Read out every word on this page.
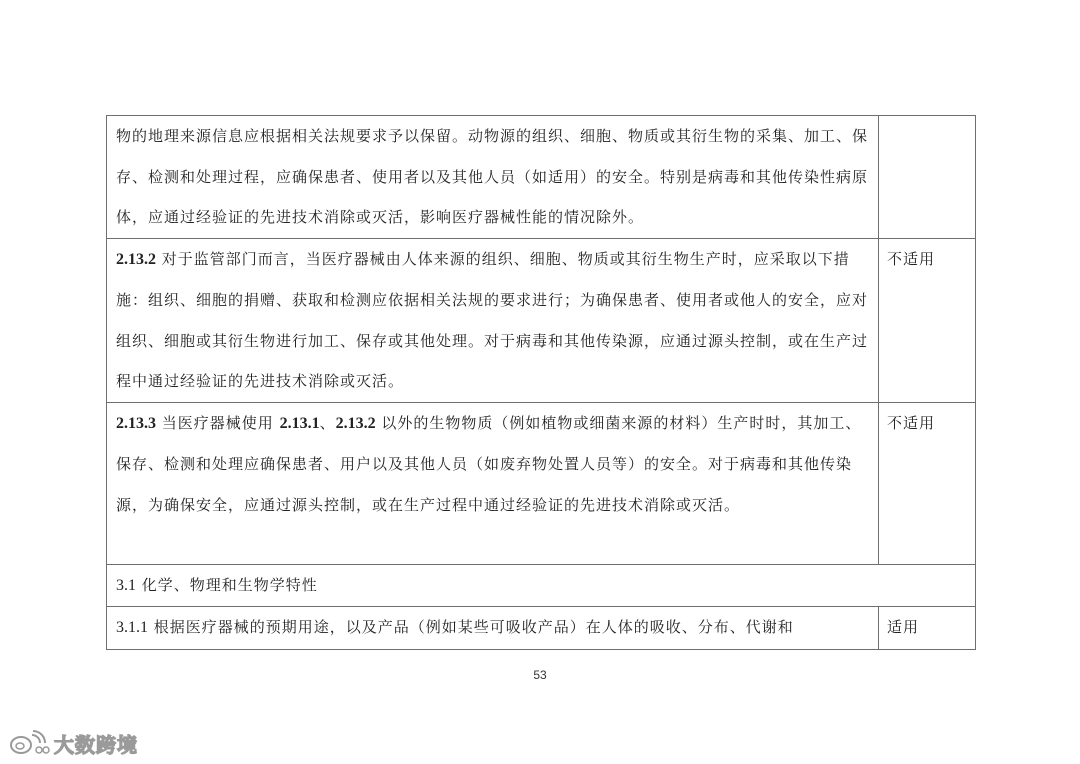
物的地理来源信息应根据相关法规要求予以保留。动物源的组织、细胞、物质或其衍生物的采集、加工、保存、检测和处理过程，应确保患者、使用者以及其他人员（如适用）的安全。特别是病毒和其他传染性病原体，应通过经验证的先进技术消除或灭活，影响医疗器械性能的情况除外。	
2.13.2 对于监管部门而言，当医疗器械由人体来源的组织、细胞、物质或其衍生物生产时，应采取以下措施：组织、细胞的捐赠、获取和检测应依据相关法规的要求进行；为确保患者、使用者或他人的安全，应对组织、细胞或其衍生物进行加工、保存或其他处理。对于病毒和其他传染源，应通过源头控制，或在生产过程中通过经验证的先进技术消除或灭活。	不适用
2.13.3 当医疗器械使用 2.13.1、2.13.2 以外的生物物质（例如植物或细菌来源的材料）生产时时，其加工、保存、检测和处理应确保患者、用户以及其他人员（如废弃物处置人员等）的安全。对于病毒和其他传染源，为确保安全，应通过源头控制，或在生产过程中通过经验证的先进技术消除或灭活。	不适用
3.1 化学、物理和生物学特性	
3.1.1 根据医疗器械的预期用途，以及产品（例如某些可吸收产品）在人体的吸收、分布、代谢和	适用
53
大数跨境
